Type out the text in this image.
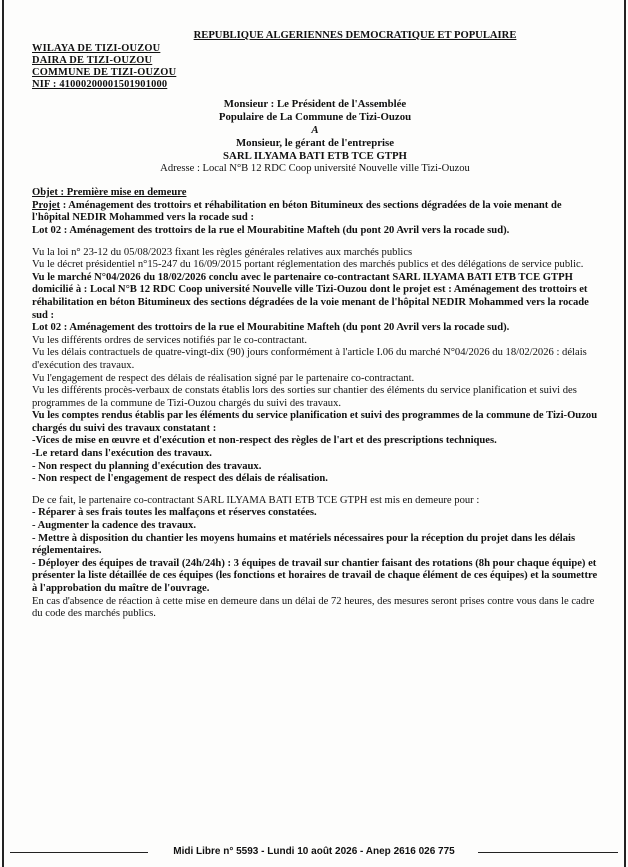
REPUBLIQUE ALGERIENNES DEMOCRATIQUE ET POPULAIRE
WILAYA DE TIZI-OUZOU
DAIRA DE TIZI-OUZOU
COMMUNE DE TIZI-OUZOU
NIF : 41000200001501901000
Monsieur : Le Président de l'Assemblée
Populaire de La Commune de Tizi-Ouzou
A
Monsieur, le gérant de l'entreprise
SARL ILYAMA BATI ETB TCE GTPH
Adresse : Local N°B 12 RDC Coop université Nouvelle ville Tizi-Ouzou
Objet : Première mise en demeure

Projet : Aménagement des trottoirs et réhabilitation en béton Bitumineux des sections dégradées de la voie menant de l'hôpital NEDIR Mohammed vers la rocade sud :

Lot 02 : Aménagement des trottoirs de la rue el Mourabitine Mafteh (du pont 20 Avril vers la rocade sud).

Vu la loi n° 23-12 du 05/08/2023 fixant les règles générales relatives aux marchés publics

Vu le décret présidentiel n°15-247 du 16/09/2015 portant réglementation des marchés publics et des délégations de service public.

Vu le marché N°04/2026 du 18/02/2026 conclu avec le partenaire co-contractant SARL ILYAMA BATI ETB TCE GTPH domicilié à : Local N°B 12 RDC Coop université Nouvelle ville Tizi-Ouzou dont le projet est : Aménagement des trottoirs et réhabilitation en béton Bitumineux des sections dégradées de la voie menant de l'hôpital NEDIR Mohammed vers la rocade sud :

Lot 02 : Aménagement des trottoirs de la rue el Mourabitine Mafteh (du pont 20 Avril vers la rocade sud).

Vu les différents ordres de services notifiés par le co-contractant.

Vu les délais contractuels de quatre-vingt-dix (90) jours conformément à l'article I.06 du marché N°04/2026 du 18/02/2026 : délais d'exécution des travaux.

Vu l'engagement de respect des délais de réalisation signé par le partenaire co-contractant.

Vu les différents procès-verbaux de constats établis lors des sorties sur chantier des éléments du service planification et suivi des programmes de la commune de Tizi-Ouzou chargés du suivi des travaux.

Vu les comptes rendus établis par les éléments du service planification et suivi des programmes de la commune de Tizi-Ouzou chargés du suivi des travaux constatant :

-Vices de mise en œuvre et d'exécution et non-respect des règles de l'art et des prescriptions techniques.

-Le retard dans l'exécution des travaux.

- Non respect du planning d'exécution des travaux.

- Non respect de l'engagement de respect des délais de réalisation.

De ce fait, le partenaire co-contractant SARL ILYAMA BATI ETB TCE GTPH est mis en demeure pour :

- Réparer à ses frais toutes les malfaçons et réserves constatées.

- Augmenter la cadence des travaux.

- Mettre à disposition du chantier les moyens humains et matériels nécessaires pour la réception du projet dans les délais réglementaires.

- Déployer des équipes de travail (24h/24h) : 3 équipes de travail sur chantier faisant des rotations (8h pour chaque équipe) et présenter la liste détaillée de ces équipes (les fonctions et horaires de travail de chaque élément de ces équipes) et la soumettre à l'approbation du maître de l'ouvrage.

En cas d'absence de réaction à cette mise en demeure dans un délai de 72 heures, des mesures seront prises contre vous dans le cadre du code des marchés publics.

Midi Libre n° 5593 - Lundi 10 août 2026 - Anep 2616 026 775
